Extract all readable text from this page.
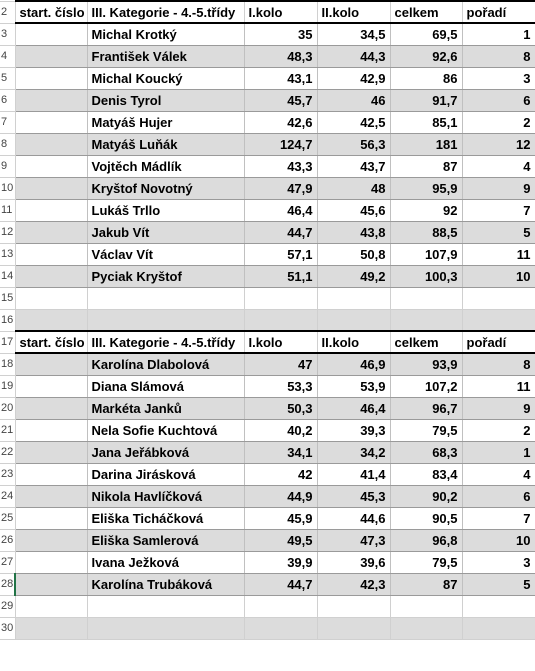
2	start. číslo	III. Kategorie - 4.-5.třídy	I.kolo	II.kolo	celkem	pořadí
3		Michal Krotký	35	34,5	69,5	1
4		František Válek	48,3	44,3	92,6	8
5		Michal Koucký	43,1	42,9	86	3
6		Denis Tyrol	45,7	46	91,7	6
7		Matyáš Hujer	42,6	42,5	85,1	2
8		Matyáš Luňák	124,7	56,3	181	12
9		Vojtěch Mádlík	43,3	43,7	87	4
10		Kryštof Novotný	47,9	48	95,9	9
11		Lukáš Trllo	46,4	45,6	92	7
12		Jakub Vít	44,7	43,8	88,5	5
13		Václav Vít	57,1	50,8	107,9	11
14		Pyciak Kryštof	51,1	49,2	100,3	10
15						
16						
17	start. číslo	III. Kategorie - 4.-5.třídy	I.kolo	II.kolo	celkem	pořadí
18		Karolína Dlabolová	47	46,9	93,9	8
19		Diana Slámová	53,3	53,9	107,2	11
20		Markéta Janků	50,3	46,4	96,7	9
21		Nela Sofie Kuchtová	40,2	39,3	79,5	2
22		Jana Jeřábková	34,1	34,2	68,3	1
23		Darina Jirásková	42	41,4	83,4	4
24		Nikola Havlíčková	44,9	45,3	90,2	6
25		Eliška Ticháčková	45,9	44,6	90,5	7
26		Eliška Samlerová	49,5	47,3	96,8	10
27		Ivana Ježková	39,9	39,6	79,5	3
28		Karolína Trubáková	44,7	42,3	87	5
29						
30						
